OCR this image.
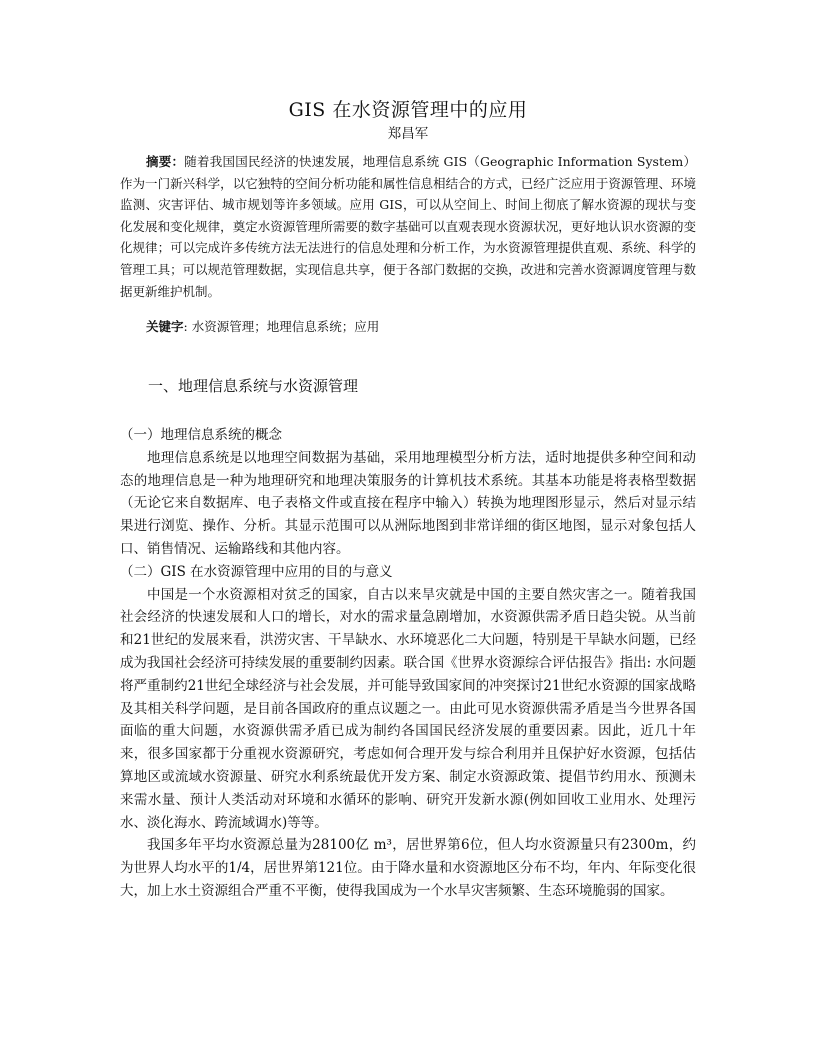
GIS 在水资源管理中的应用
郑昌军

摘要：随着我国国民经济的快速发展，地理信息系统 GIS（Geographic Information System）作为一门新兴科学，以它独特的空间分析功能和属性信息相结合的方式，已经广泛应用于资源管理、环境监测、灾害评估、城市规划等许多领域。应用 GIS，可以从空间上、时间上彻底了解水资源的现状与变化发展和变化规律，奠定水资源管理所需要的数字基础可以直观表现水资源状况，更好地认识水资源的变化规律；可以完成许多传统方法无法进行的信息处理和分析工作，为水资源管理提供直观、系统、科学的管理工具；可以规范管理数据，实现信息共享，便于各部门数据的交换，改进和完善水资源调度管理与数据更新维护机制。

关键字: 水资源管理；地理信息系统；应用

一、地理信息系统与水资源管理

（一）地理信息系统的概念

地理信息系统是以地理空间数据为基础，采用地理模型分析方法，适时地提供多种空间和动态的地理信息是一种为地理研究和地理决策服务的计算机技术系统。其基本功能是将表格型数据（无论它来自数据库、电子表格文件或直接在程序中输入）转换为地理图形显示，然后对显示结果进行浏览、操作、分析。其显示范围可以从洲际地图到非常详细的街区地图，显示对象包括人口、销售情况、运输路线和其他内容。

（二）GIS 在水资源管理中应用的目的与意义

中国是一个水资源相对贫乏的国家，自古以来旱灾就是中国的主要自然灾害之一。随着我国社会经济的快速发展和人口的增长，对水的需求量急剧增加，水资源供需矛盾日趋尖锐。从当前和21世纪的发展来看，洪涝灾害、干旱缺水、水环境恶化二大问题，特别是干旱缺水问题，已经成为我国社会经济可持续发展的重要制约因素。联合国《世界水资源综合评估报告》指出: 水问题将严重制约21世纪全球经济与社会发展，并可能导致国家间的冲突探讨21世纪水资源的国家战略及其相关科学问题，是目前各国政府的重点议题之一。由此可见水资源供需矛盾是当今世界各国面临的重大问题，水资源供需矛盾已成为制约各国国民经济发展的重要因素。因此，近几十年来，很多国家都于分重视水资源研究，考虑如何合理开发与综合利用并且保护好水资源，包括估算地区或流域水资源量、研究水利系统最优开发方案、制定水资源政策、提倡节约用水、预测未来需水量、预计人类活动对环境和水循环的影响、研究开发新水源(例如回收工业用水、处理污水、淡化海水、跨流域调水)等等。

我国多年平均水资源总量为28100亿 m³，居世界第6位，但人均水资源量只有2300m，约为世界人均水平的1/4，居世界第121位。由于降水量和水资源地区分布不均，年内、年际变化很大，加上水土资源组合严重不平衡，使得我国成为一个水旱灾害频繁、生态环境脆弱的国家。
